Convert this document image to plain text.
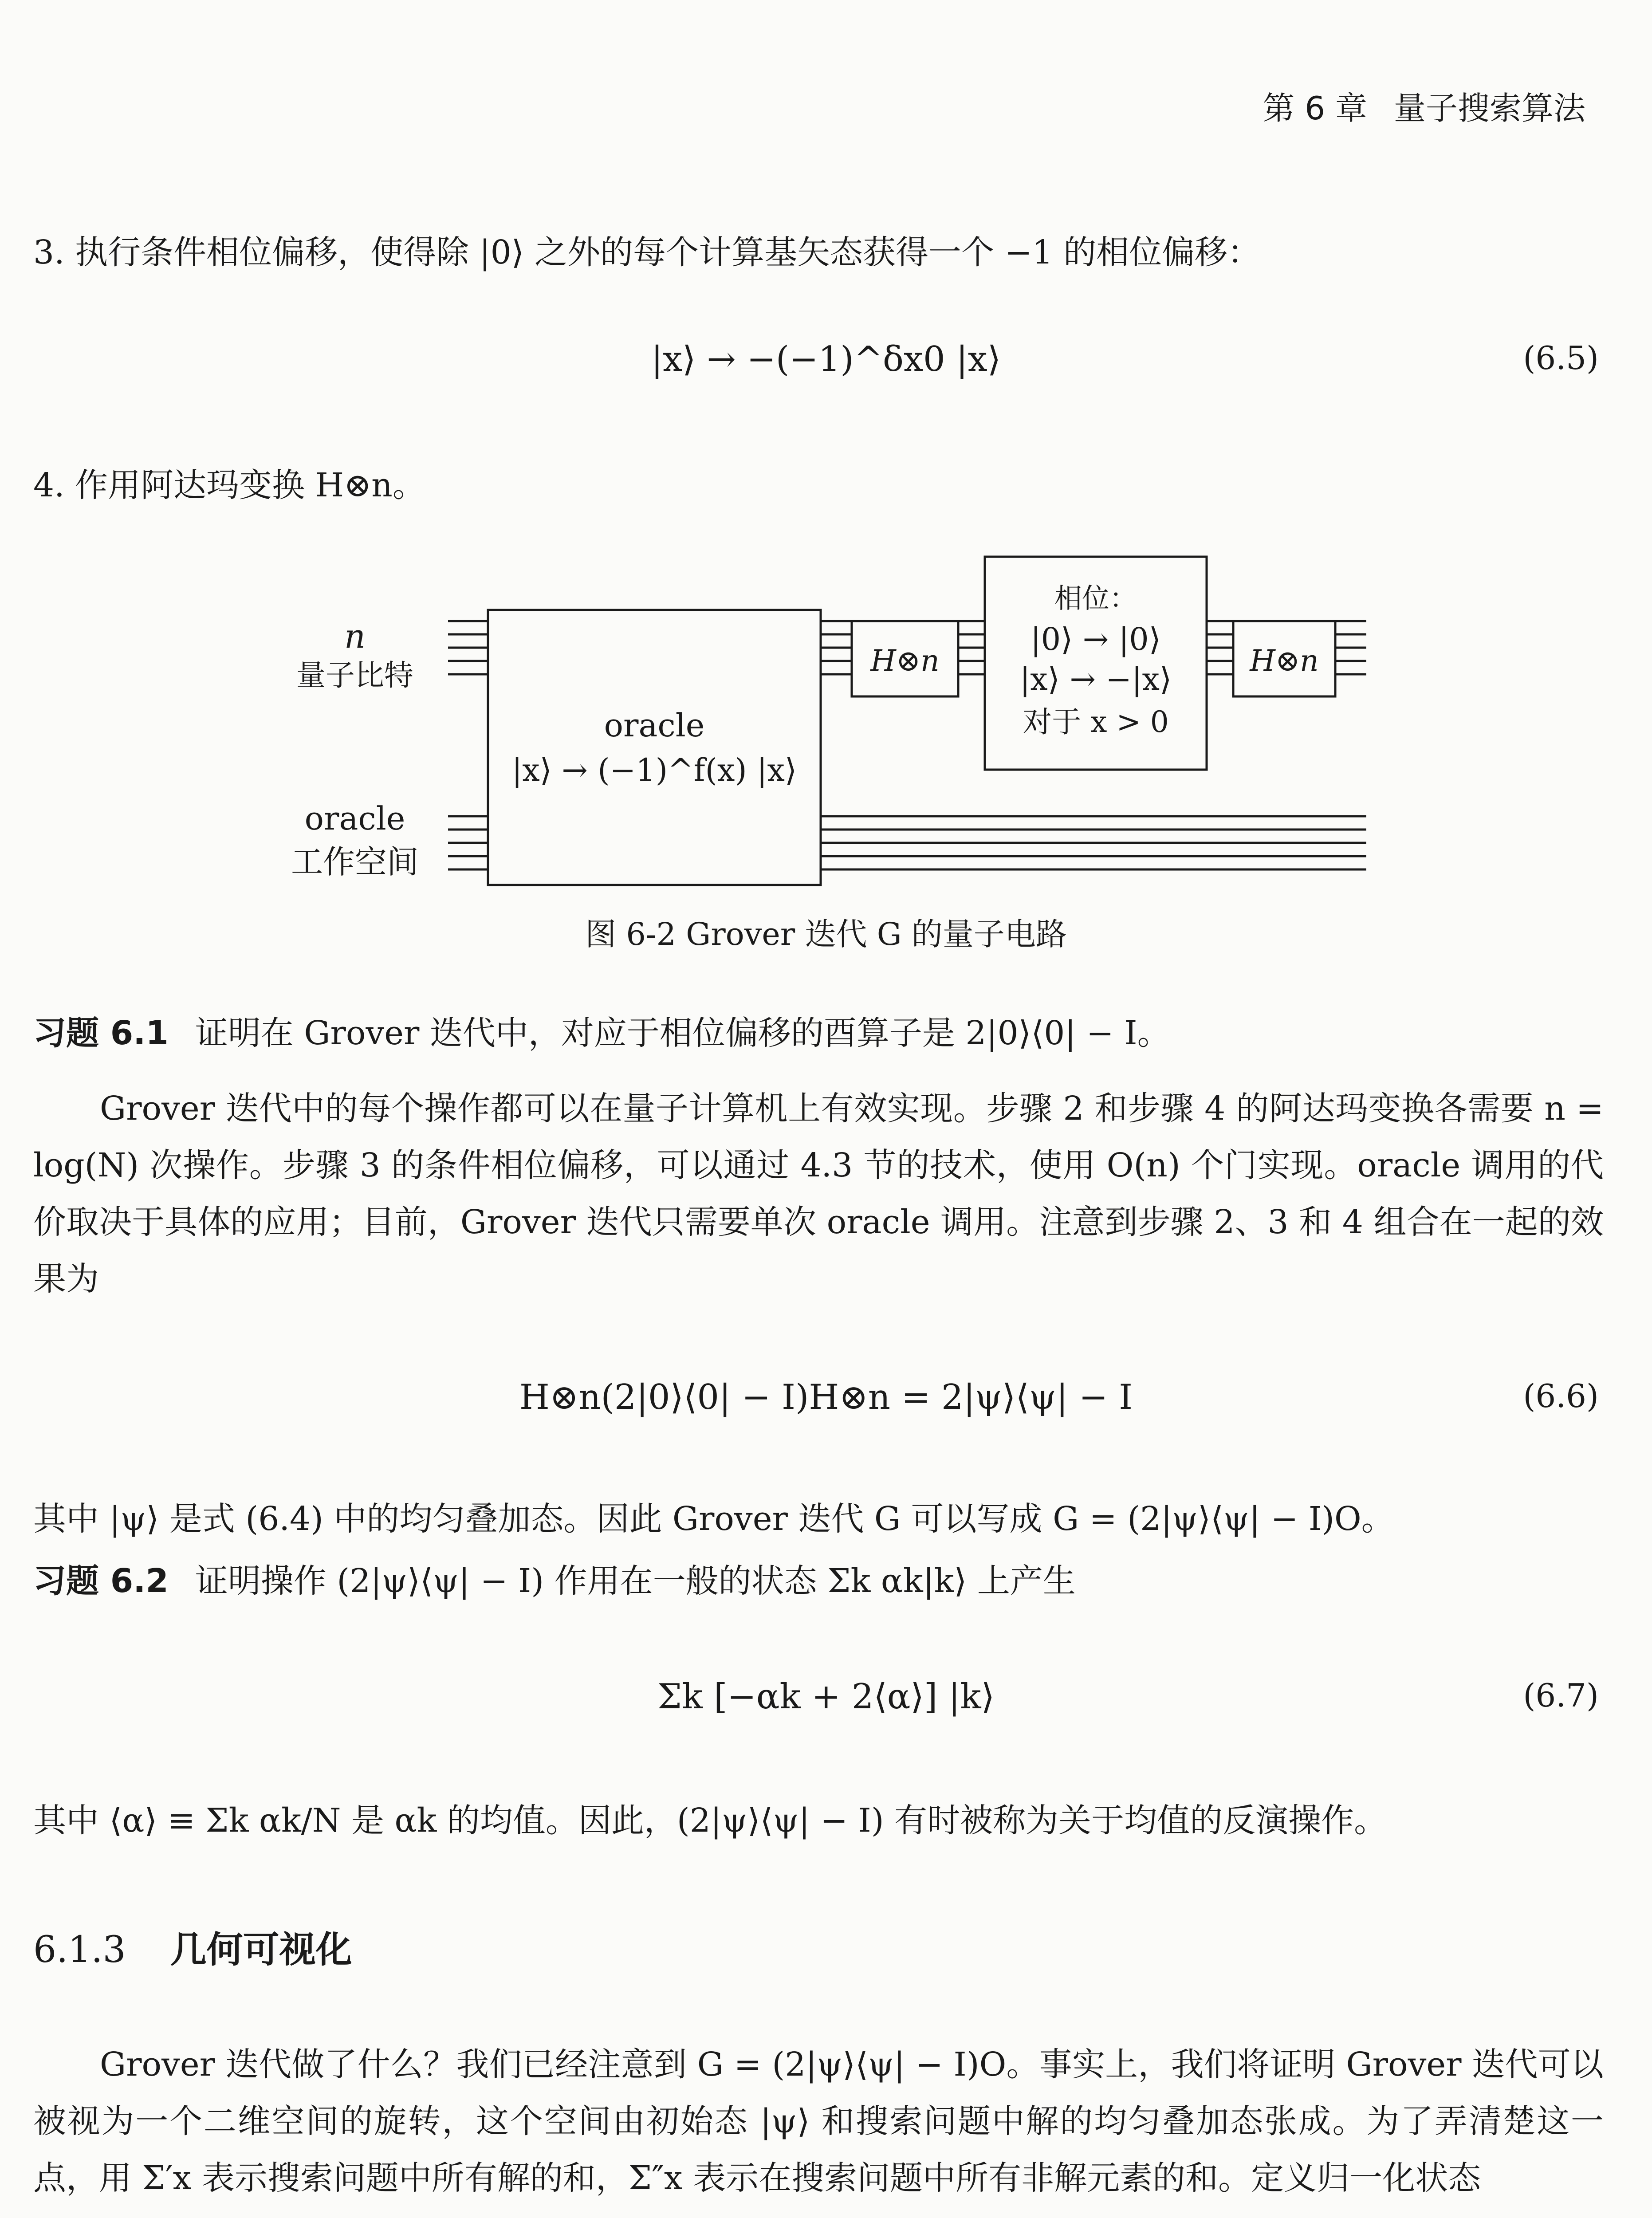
第 6 章 量子搜索算法
3. 执行条件相位偏移，使得除 |0⟩ 之外的每个计算基矢态获得一个 −1 的相位偏移：
|x⟩ → −(−1)^δx0 |x⟩	(6.5)
4. 作用阿达玛变换 H⊗n。
n
量子比特
oracle
工作空间
oracle
|x⟩ → (−1)^f(x) |x⟩
H⊗n	H⊗n
相位：
|0⟩ → |0⟩
|x⟩ → −|x⟩
对于 x > 0
图 6-2 Grover 迭代 G 的量子电路
习题 6.1 证明在 Grover 迭代中，对应于相位偏移的酉算子是 2|0⟩⟨0| − I。
Grover 迭代中的每个操作都可以在量子计算机上有效实现。步骤 2 和步骤 4 的阿达玛变换各需要 n = log(N) 次操作。步骤 3 的条件相位偏移，可以通过 4.3 节的技术，使用 O(n) 个门实现。oracle 调用的代价取决于具体的应用；目前，Grover 迭代只需要单次 oracle 调用。注意到步骤 2、3 和 4 组合在一起的效果为
H⊗n(2|0⟩⟨0| − I)H⊗n = 2|ψ⟩⟨ψ| − I	(6.6)
其中 |ψ⟩ 是式 (6.4) 中的均匀叠加态。因此 Grover 迭代 G 可以写成 G = (2|ψ⟩⟨ψ| − I)O。
习题 6.2 证明操作 (2|ψ⟩⟨ψ| − I) 作用在一般的状态 Σk αk|k⟩ 上产生
Σk [−αk + 2⟨α⟩] |k⟩	(6.7)
其中 ⟨α⟩ ≡ Σk αk/N 是 αk 的均值。因此，(2|ψ⟩⟨ψ| − I) 有时被称为关于均值的反演操作。
6.1.3 几何可视化
Grover 迭代做了什么？我们已经注意到 G = (2|ψ⟩⟨ψ| − I)O。事实上，我们将证明 Grover 迭代可以被视为一个二维空间的旋转，这个空间由初始态 |ψ⟩ 和搜索问题中解的均匀叠加态张成。为了弄清楚这一点，用 Σ′x 表示搜索问题中所有解的和，Σ″x 表示在搜索问题中所有非解元素的和。定义归一化状态
